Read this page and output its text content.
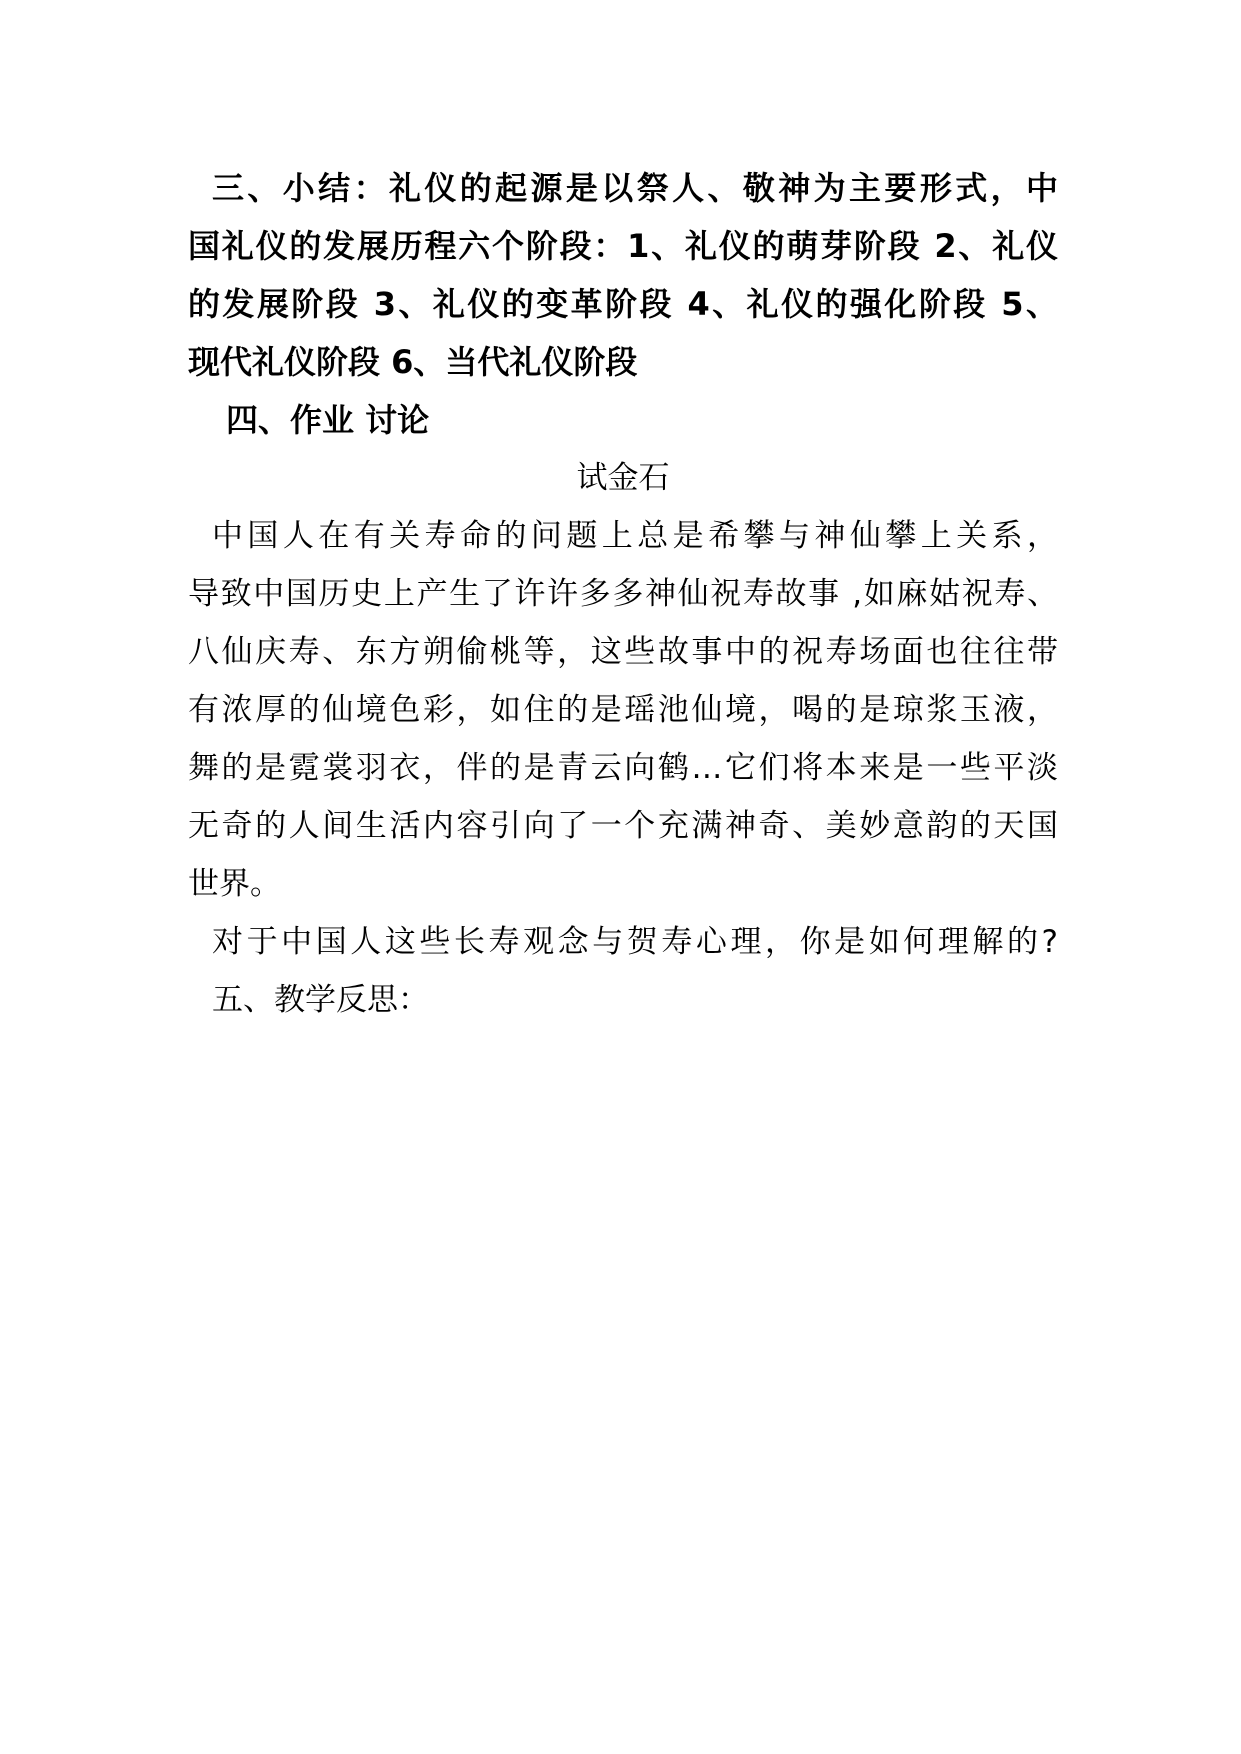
三、小结：礼仪的起源是以祭人、敬神为主要形式，中
国礼仪的发展历程六个阶段：1、礼仪的萌芽阶段 2、礼仪
的发展阶段 3、礼仪的变革阶段 4、礼仪的强化阶段 5、
现代礼仪阶段 6、当代礼仪阶段
四、作业 讨论
试金石
中国人在有关寿命的问题上总是希攀与神仙攀上关系，
导致中国历史上产生了许许多多神仙祝寿故事 ,如麻姑祝寿、
八仙庆寿、东方朔偷桃等，这些故事中的祝寿场面也往往带
有浓厚的仙境色彩，如住的是瑶池仙境，喝的是琼浆玉液，
舞的是霓裳羽衣，伴的是青云向鹤…它们将本来是一些平淡
无奇的人间生活内容引向了一个充满神奇、美妙意韵的天国
世界。
对于中国人这些长寿观念与贺寿心理，你是如何理解的?
五、教学反思：
